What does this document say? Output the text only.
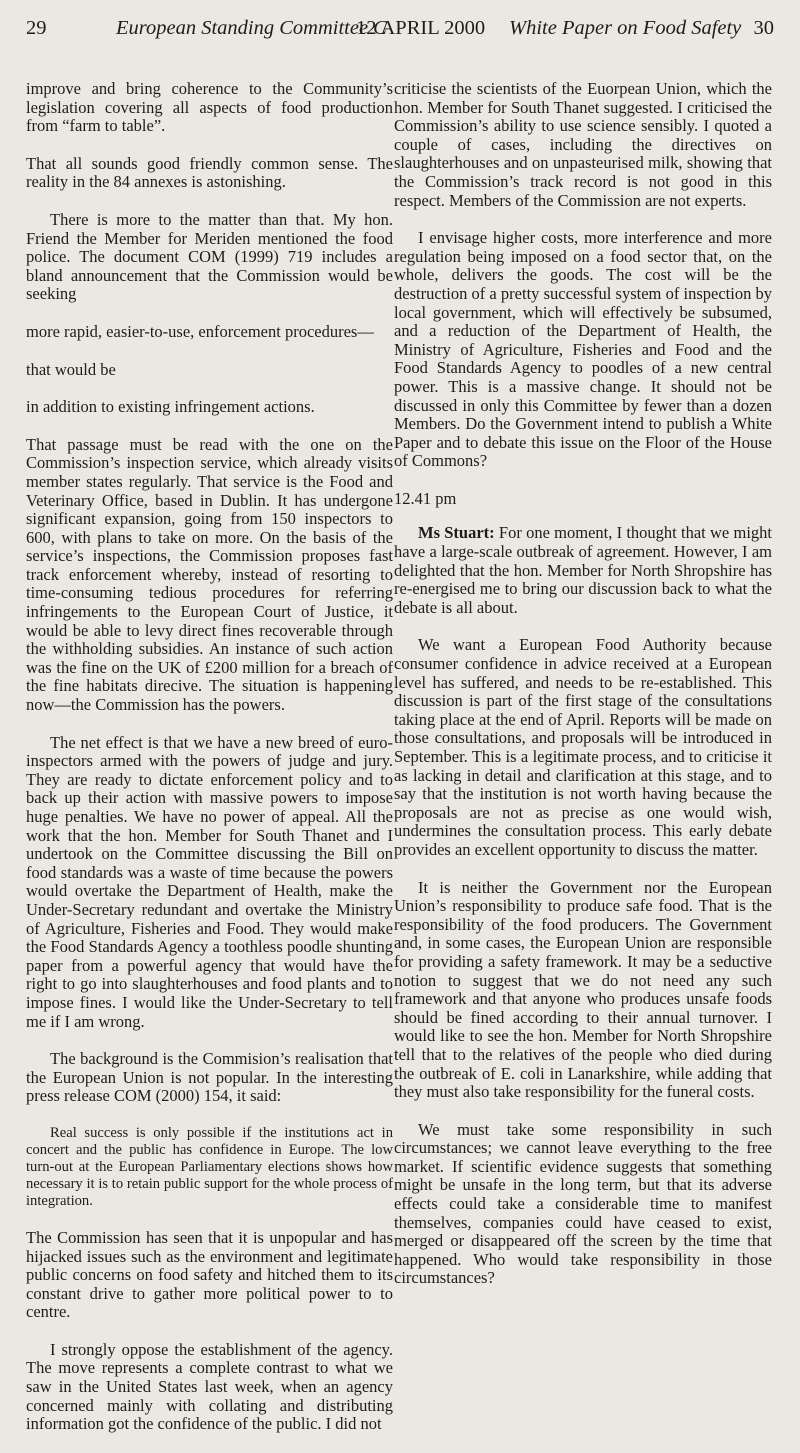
29	European Standing Committee C
12 APRIL 2000 White Paper on Food Safety 30

improve and bring coherence to the Community’s legislation covering all aspects of food production from “farm to table”.

That all sounds good friendly common sense. The reality in the 84 annexes is astonishing.

There is more to the matter than that. My hon. Friend the Member for Meriden mentioned the food police. The document COM (1999) 719 includes a bland announcement that the Commission would be seeking

more rapid, easier-to-use, enforcement procedures—

that would be

in addition to existing infringement actions.

That passage must be read with the one on the Commission’s inspection service, which already visits member states regularly. That service is the Food and Veterinary Office, based in Dublin. It has undergone significant expansion, going from 150 inspectors to 600, with plans to take on more. On the basis of the service’s inspections, the Commission proposes fast track enforcement whereby, instead of resorting to time-consuming tedious procedures for referring infringements to the European Court of Justice, it would be able to levy direct fines recoverable through the withholding subsidies. An instance of such action was the fine on the UK of £200 million for a breach of the fine habitats direcive. The situation is happening now—the Commission has the powers.

The net effect is that we have a new breed of euro-inspectors armed with the powers of judge and jury. They are ready to dictate enforcement policy and to back up their action with massive powers to impose huge penalties. We have no power of appeal. All the work that the hon. Member for South Thanet and I undertook on the Committee discussing the Bill on food standards was a waste of time because the powers would overtake the Department of Health, make the Under-Secretary redundant and overtake the Ministry of Agriculture, Fisheries and Food. They would make the Food Standards Agency a toothless poodle shunting paper from a powerful agency that would have the right to go into slaughterhouses and food plants and to impose fines. I would like the Under-Secretary to tell me if I am wrong.

The background is the Commision’s realisation that the European Union is not popular. In the interesting press release COM (2000) 154, it said:

Real success is only possible if the institutions act in concert and the public has confidence in Europe. The low turn-out at the European Parliamentary elections shows how necessary it is to retain public support for the whole process of integration.

The Commission has seen that it is unpopular and has hijacked issues such as the environment and legitimate public concerns on food safety and hitched them to its constant drive to gather more political power to to centre.

I strongly oppose the establishment of the agency. The move represents a complete contrast to what we saw in the United States last week, when an agency concerned mainly with collating and distributing information got the confidence of the public. I did not

criticise the scientists of the Euorpean Union, which the hon. Member for South Thanet suggested. I criticised the Commission’s ability to use science sensibly. I quoted a couple of cases, including the directives on slaughterhouses and on unpasteurised milk, showing that the Commission’s track record is not good in this respect. Members of the Commission are not experts.

I envisage higher costs, more interference and more regulation being imposed on a food sector that, on the whole, delivers the goods. The cost will be the destruction of a pretty successful system of inspection by local government, which will effectively be subsumed, and a reduction of the Department of Health, the Ministry of Agriculture, Fisheries and Food and the Food Standards Agency to poodles of a new central power. This is a massive change. It should not be discussed in only this Committee by fewer than a dozen Members. Do the Government intend to publish a White Paper and to debate this issue on the Floor of the House of Commons?

12.41 pm

Ms Stuart: For one moment, I thought that we might have a large-scale outbreak of agreement. However, I am delighted that the hon. Member for North Shropshire has re-energised me to bring our discussion back to what the debate is all about.

We want a European Food Authority because consumer confidence in advice received at a European level has suffered, and needs to be re-established. This discussion is part of the first stage of the consultations taking place at the end of April. Reports will be made on those consultations, and proposals will be introduced in September. This is a legitimate process, and to criticise it as lacking in detail and clarification at this stage, and to say that the institution is not worth having because the proposals are not as precise as one would wish, undermines the consultation process. This early debate provides an excellent opportunity to discuss the matter.

It is neither the Government nor the European Union’s responsibility to produce safe food. That is the responsibility of the food producers. The Government and, in some cases, the European Union are responsible for providing a safety framework. It may be a seductive notion to suggest that we do not need any such framework and that anyone who produces unsafe foods should be fined according to their annual turnover. I would like to see the hon. Member for North Shropshire tell that to the relatives of the people who died during the outbreak of E. coli in Lanarkshire, while adding that they must also take responsibility for the funeral costs.

We must take some responsibility in such circumstances; we cannot leave everything to the free market. If scientific evidence suggests that something might be unsafe in the long term, but that its adverse effects could take a considerable time to manifest themselves, companies could have ceased to exist, merged or disappeared off the screen by the time that happened. Who would take responsibility in those circumstances?
